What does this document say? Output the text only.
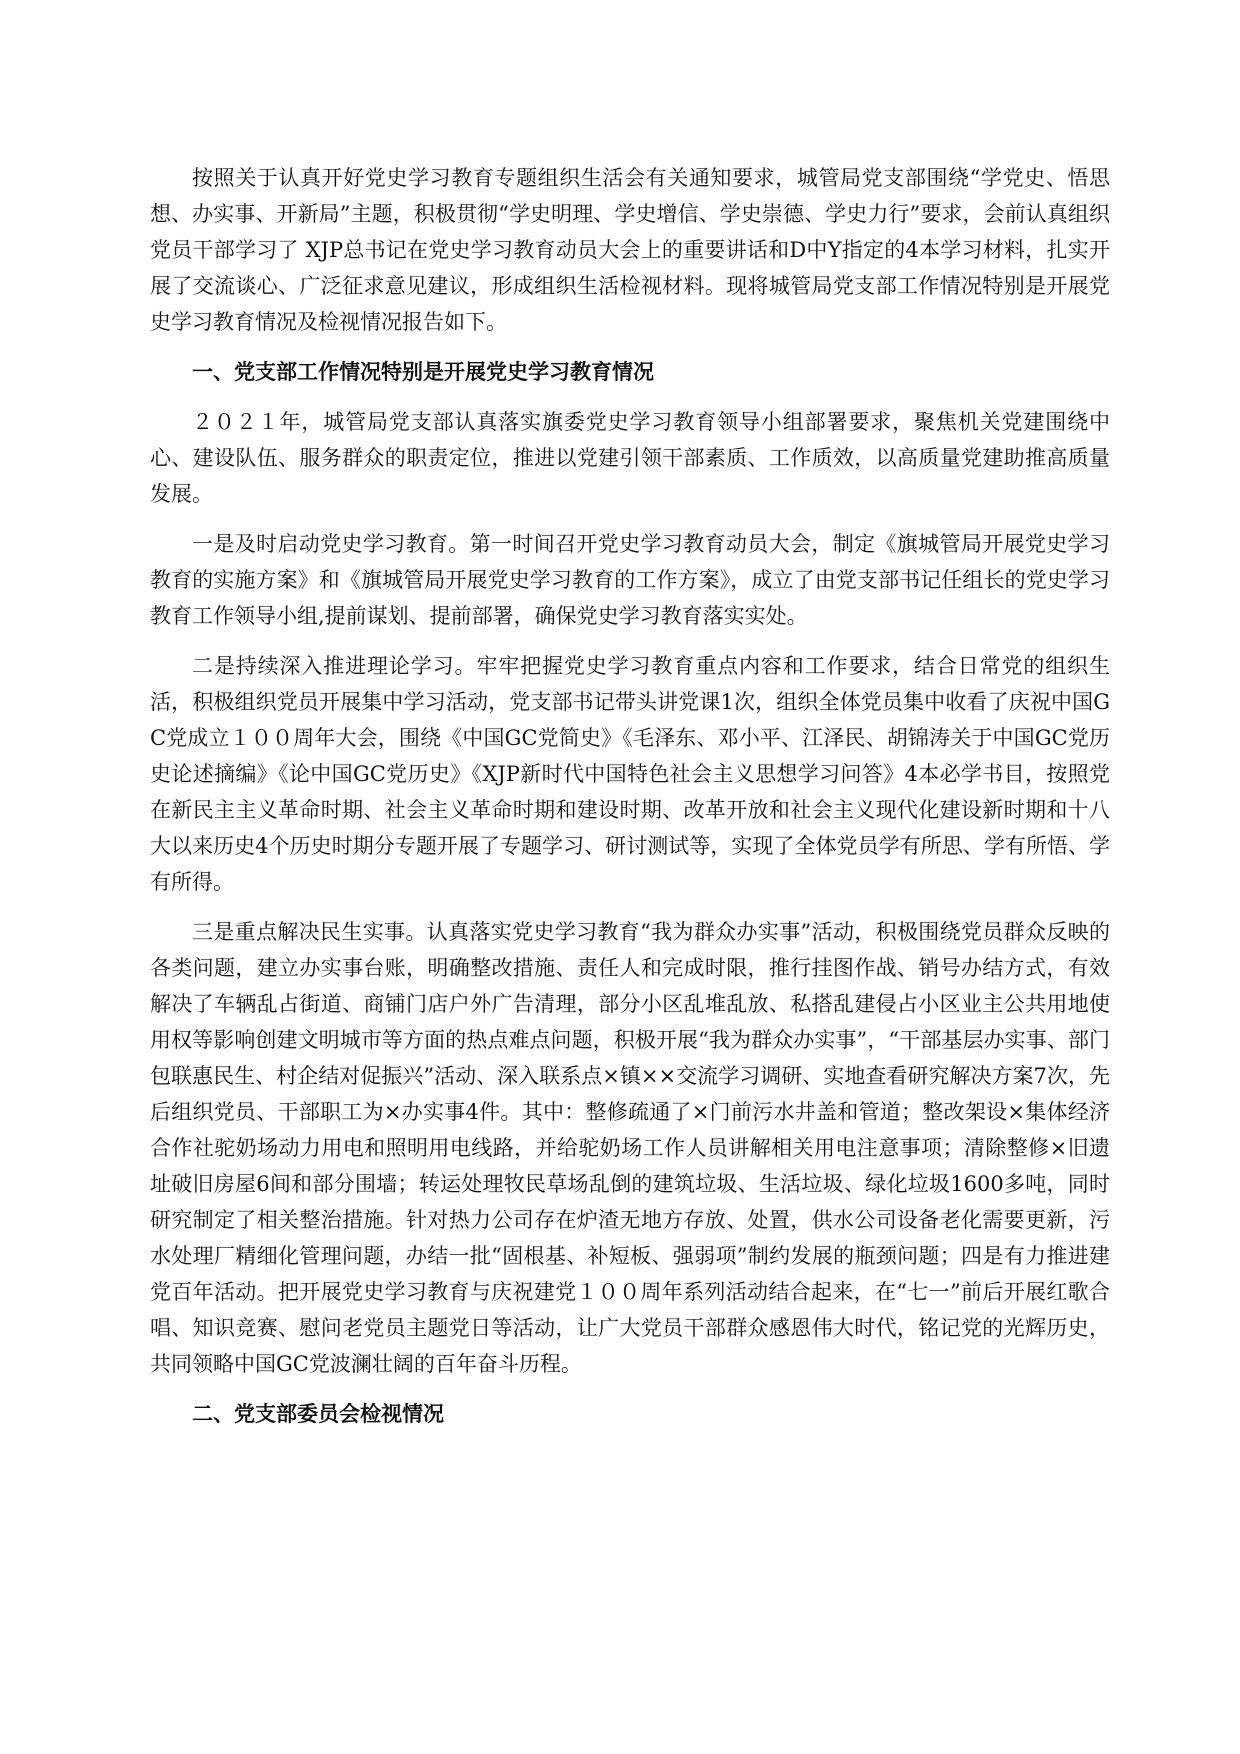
按照关于认真开好党史学习教育专题组织生活会有关通知要求，城管局党支部围绕“学党史、悟思想、办实事、开新局”主题，积极贯彻“学史明理、学史增信、学史崇德、学史力行”要求，会前认真组织党员干部学习了 XJP总书记在党史学习教育动员大会上的重要讲话和D中Y指定的4本学习材料，扎实开展了交流谈心、广泛征求意见建议，形成组织生活检视材料。现将城管局党支部工作情况特别是开展党史学习教育情况及检视情况报告如下。

一、党支部工作情况特别是开展党史学习教育情况

２０２１年，城管局党支部认真落实旗委党史学习教育领导小组部署要求，聚焦机关党建围绕中心、建设队伍、服务群众的职责定位，推进以党建引领干部素质、工作质效，以高质量党建助推高质量发展。

一是及时启动党史学习教育。第一时间召开党史学习教育动员大会，制定《旗城管局开展党史学习教育的实施方案》和《旗城管局开展党史学习教育的工作方案》，成立了由党支部书记任组长的党史学习教育工作领导小组,提前谋划、提前部署，确保党史学习教育落实实处。

二是持续深入推进理论学习。牢牢把握党史学习教育重点内容和工作要求，结合日常党的组织生活，积极组织党员开展集中学习活动，党支部书记带头讲党课1次，组织全体党员集中收看了庆祝中国GC党成立１００周年大会，围绕《中国GC党简史》《毛泽东、邓小平、江泽民、胡锦涛关于中国GC党历史论述摘编》《论中国GC党历史》《XJP新时代中国特色社会主义思想学习问答》4本必学书目，按照党在新民主主义革命时期、社会主义革命时期和建设时期、改革开放和社会主义现代化建设新时期和十八大以来历史4个历史时期分专题开展了专题学习、研讨测试等，实现了全体党员学有所思、学有所悟、学有所得。

三是重点解决民生实事。认真落实党史学习教育“我为群众办实事”活动，积极围绕党员群众反映的各类问题，建立办实事台账，明确整改措施、责任人和完成时限，推行挂图作战、销号办结方式，有效解决了车辆乱占街道、商铺门店户外广告清理，部分小区乱堆乱放、私搭乱建侵占小区业主公共用地使用权等影响创建文明城市等方面的热点难点问题，积极开展“我为群众办实事”，“干部基层办实事、部门包联惠民生、村企结对促振兴”活动、深入联系点×镇××交流学习调研、实地查看研究解决方案7次，先后组织党员、干部职工为×办实事4件。其中：整修疏通了×门前污水井盖和管道；整改架设×集体经济合作社驼奶场动力用电和照明用电线路，并给驼奶场工作人员讲解相关用电注意事项；清除整修×旧遗址破旧房屋6间和部分围墙；转运处理牧民草场乱倒的建筑垃圾、生活垃圾、绿化垃圾1600多吨，同时研究制定了相关整治措施。针对热力公司存在炉渣无地方存放、处置，供水公司设备老化需要更新，污水处理厂精细化管理问题，办结一批“固根基、补短板、强弱项”制约发展的瓶颈问题；四是有力推进建党百年活动。把开展党史学习教育与庆祝建党１００周年系列活动结合起来，在“七一”前后开展红歌合唱、知识竞赛、慰问老党员主题党日等活动，让广大党员干部群众感恩伟大时代，铭记党的光辉历史，共同领略中国GC党波澜壮阔的百年奋斗历程。

二、党支部委员会检视情况
